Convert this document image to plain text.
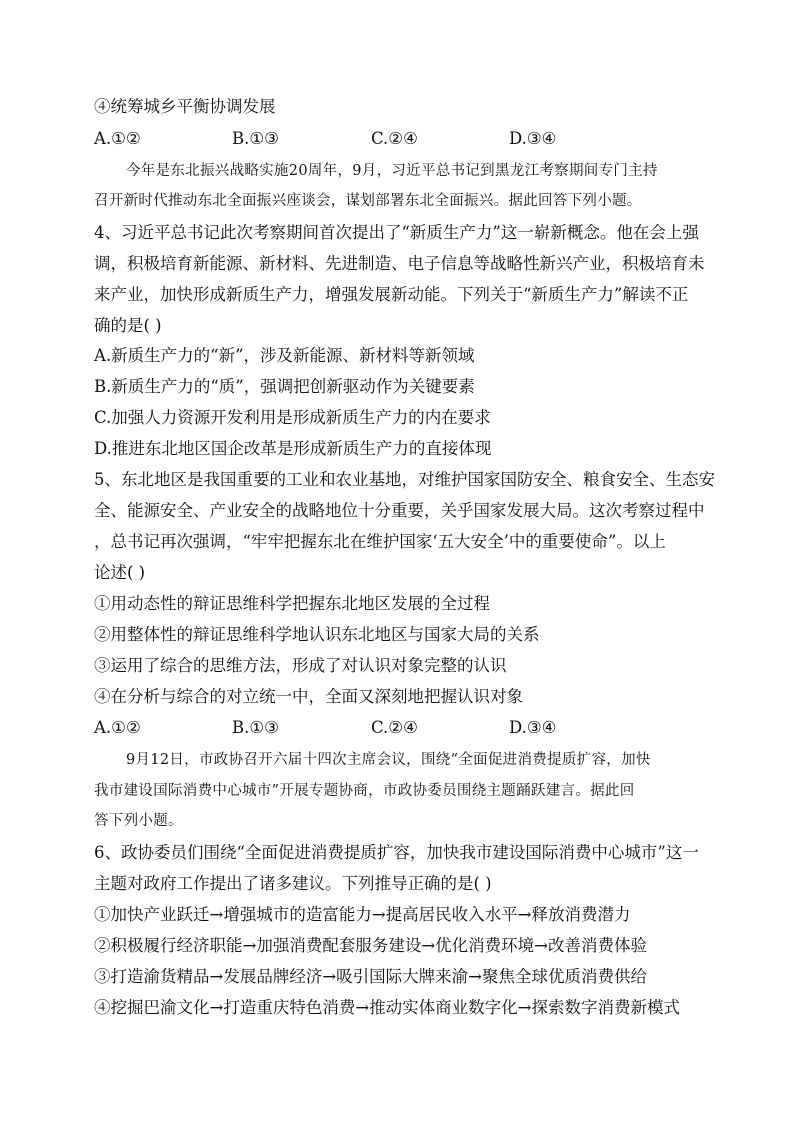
④统筹城乡平衡协调发展
A.①②	B.①③	C.②④	D.③④
今年是东北振兴战略实施20周年，9月，习近平总书记到黑龙江考察期间专门主持
召开新时代推动东北全面振兴座谈会，谋划部署东北全面振兴。据此回答下列小题。
4、习近平总书记此次考察期间首次提出了“新质生产力”这一崭新概念。他在会上强
调，积极培育新能源、新材料、先进制造、电子信息等战略性新兴产业，积极培育未
来产业，加快形成新质生产力，增强发展新动能。下列关于“新质生产力”解读不正
确的是( )
A.新质生产力的“新”，涉及新能源、新材料等新领域
B.新质生产力的“质”，强调把创新驱动作为关键要素
C.加强人力资源开发利用是形成新质生产力的内在要求
D.推进东北地区国企改革是形成新质生产力的直接体现
5、东北地区是我国重要的工业和农业基地，对维护国家国防安全、粮食安全、生态安
全、能源安全、产业安全的战略地位十分重要，关乎国家发展大局。这次考察过程中
，总书记再次强调，“牢牢把握东北在维护国家‘五大安全’中的重要使命”。以上
论述( )
①用动态性的辩证思维科学把握东北地区发展的全过程
②用整体性的辩证思维科学地认识东北地区与国家大局的关系
③运用了综合的思维方法，形成了对认识对象完整的认识
④在分析与综合的对立统一中，全面又深刻地把握认识对象
A.①②	B.①③	C.②④	D.③④
9月12日，市政协召开六届十四次主席会议，围绕“全面促进消费提质扩容，加快
我市建设国际消费中心城市”开展专题协商，市政协委员围绕主题踊跃建言。据此回
答下列小题。
6、政协委员们围绕“全面促进消费提质扩容，加快我市建设国际消费中心城市”这一
主题对政府工作提出了诸多建议。下列推导正确的是( )
①加快产业跃迁→增强城市的造富能力→提高居民收入水平→释放消费潜力
②积极履行经济职能→加强消费配套服务建设→优化消费环境→改善消费体验
③打造渝货精品→发展品牌经济→吸引国际大牌来渝→聚焦全球优质消费供给
④挖掘巴渝文化→打造重庆特色消费→推动实体商业数字化→探索数字消费新模式
